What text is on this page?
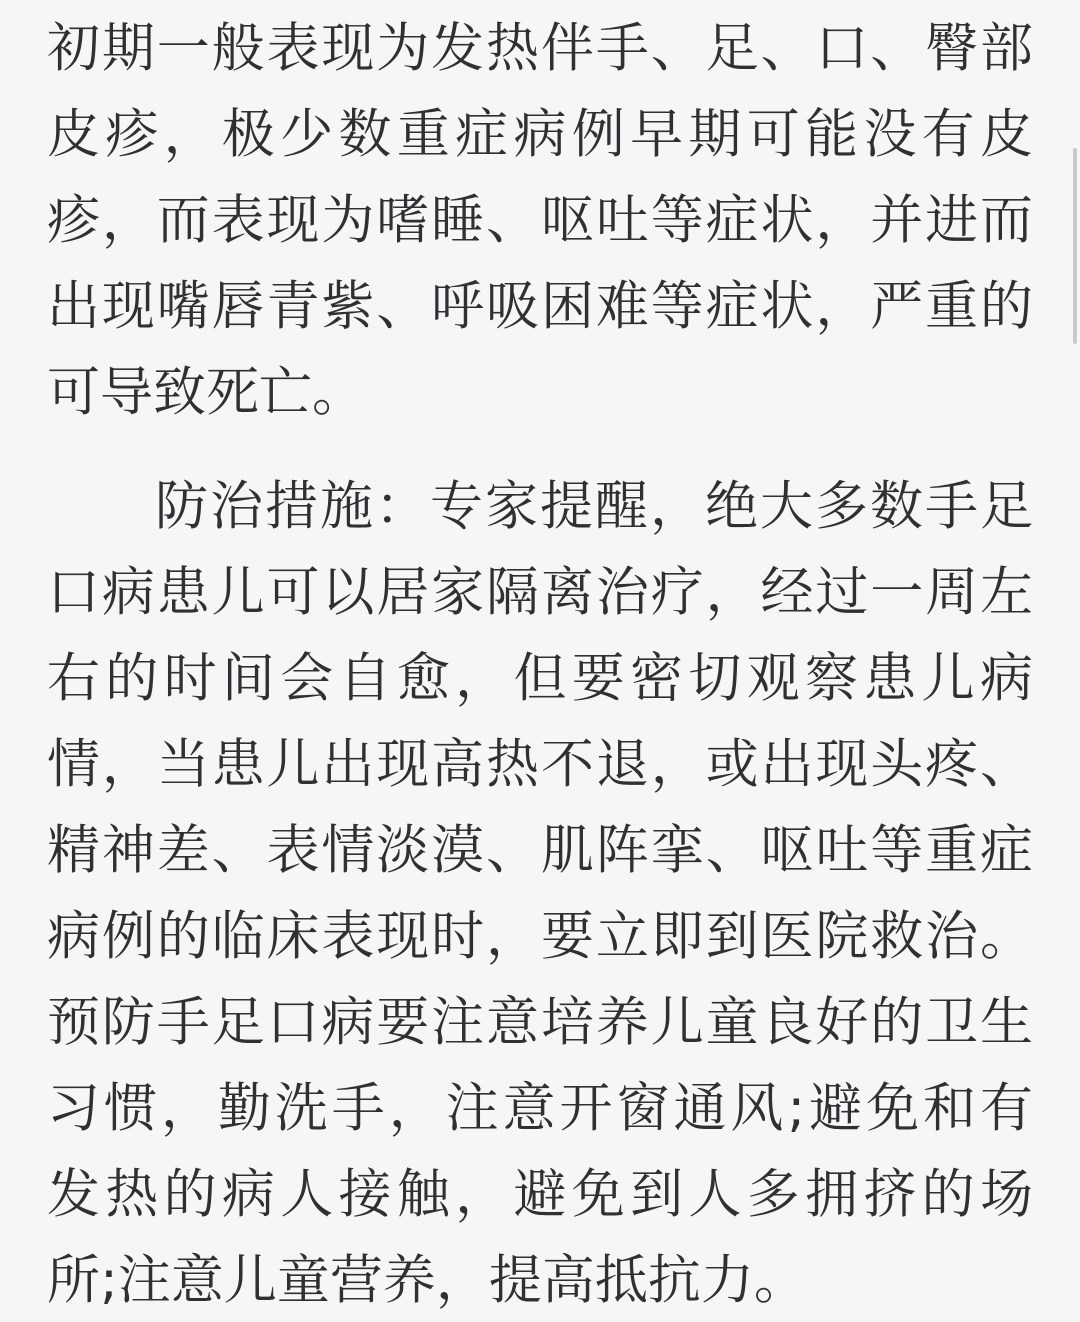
初期一般表现为发热伴手、足、口、臀部
皮疹，极少数重症病例早期可能没有皮
疹，而表现为嗜睡、呕吐等症状，并进而
出现嘴唇青紫、呼吸困难等症状，严重的
可导致死亡。
防治措施：专家提醒，绝大多数手足
口病患儿可以居家隔离治疗，经过一周左
右的时间会自愈，但要密切观察患儿病
情，当患儿出现高热不退，或出现头疼、
精神差、表情淡漠、肌阵挛、呕吐等重症
病例的临床表现时，要立即到医院救治。
预防手足口病要注意培养儿童良好的卫生
习惯，勤洗手，注意开窗通风;避免和有
发热的病人接触，避免到人多拥挤的场
所;注意儿童营养，提高抵抗力。
